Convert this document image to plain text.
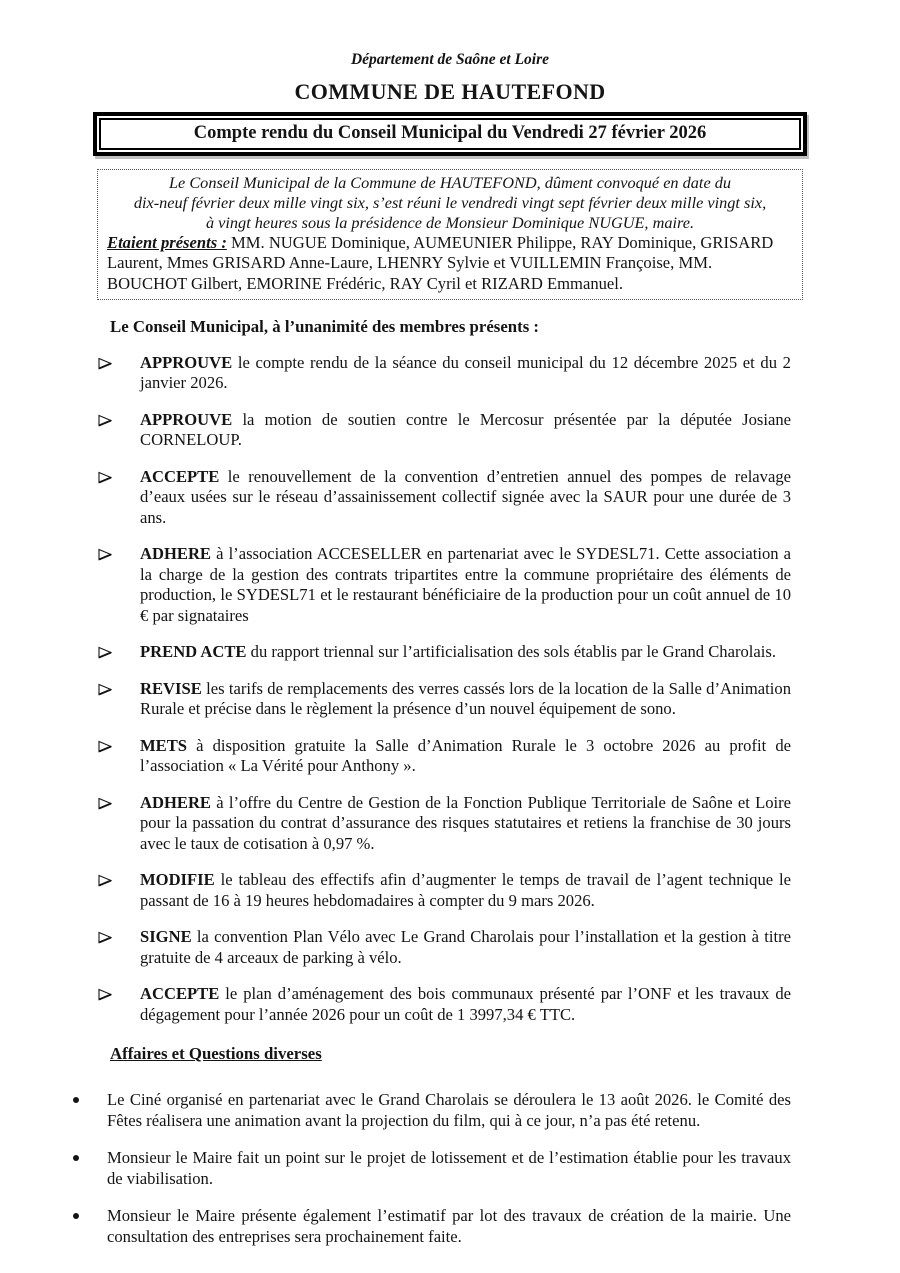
Département de Saône et Loire
COMMUNE DE HAUTEFOND
Compte rendu du Conseil Municipal du Vendredi 27 février 2026
Le Conseil Municipal de la Commune de HAUTEFOND, dûment convoqué en date du
dix-neuf février deux mille vingt six, s’est réuni le vendredi vingt sept février deux mille vingt six,
à vingt heures sous la présidence de Monsieur Dominique NUGUE, maire.

Etaient présents : MM. NUGUE Dominique, AUMEUNIER Philippe, RAY Dominique, GRISARD Laurent, Mmes GRISARD Anne-Laure, LHENRY Sylvie et VUILLEMIN Françoise, MM. BOUCHOT Gilbert, EMORINE Frédéric, RAY Cyril et RIZARD Emmanuel.

Le Conseil Municipal, à l’unanimité des membres présents :

APPROUVE le compte rendu de la séance du conseil municipal du 12 décembre 2025 et du 2 janvier 2026.

APPROUVE la motion de soutien contre le Mercosur présentée par la députée Josiane CORNELOUP.

ACCEPTE le renouvellement de la convention d’entretien annuel des pompes de relavage d’eaux usées sur le réseau d’assainissement collectif signée avec la SAUR pour une durée de 3 ans.

ADHERE à l’association ACCESELLER en partenariat avec le SYDESL71. Cette association a la charge de la gestion des contrats tripartites entre la commune propriétaire des éléments de production, le SYDESL71 et le restaurant bénéficiaire de la production pour un coût annuel de 10 € par signataires

PREND ACTE du rapport triennal sur l’artificialisation des sols établis par le Grand Charolais.

REVISE les tarifs de remplacements des verres cassés lors de la location de la Salle d’Animation Rurale et précise dans le règlement la présence d’un nouvel équipement de sono.

METS à disposition gratuite la Salle d’Animation Rurale le 3 octobre 2026 au profit de l’association « La Vérité pour Anthony ».

ADHERE à l’offre du Centre de Gestion de la Fonction Publique Territoriale de Saône et Loire pour la passation du contrat d’assurance des risques statutaires et retiens la franchise de 30 jours avec le taux de cotisation à 0,97 %.

MODIFIE le tableau des effectifs afin d’augmenter le temps de travail de l’agent technique le passant de 16 à 19 heures hebdomadaires à compter du 9 mars 2026.

SIGNE la convention Plan Vélo avec Le Grand Charolais pour l’installation et la gestion à titre gratuite de 4 arceaux de parking à vélo.

ACCEPTE le plan d’aménagement des bois communaux présenté par l’ONF et les travaux de dégagement pour l’année 2026 pour un coût de 1 3997,34 € TTC.

Affaires et Questions diverses

Le Ciné organisé en partenariat avec le Grand Charolais se déroulera le 13 août 2026. le Comité des Fêtes réalisera une animation avant la projection du film, qui à ce jour, n’a pas été retenu.

Monsieur le Maire fait un point sur le projet de lotissement et de l’estimation établie pour les travaux de viabilisation.

Monsieur le Maire présente également l’estimatif par lot des travaux de création de la mairie. Une consultation des entreprises sera prochainement faite.
